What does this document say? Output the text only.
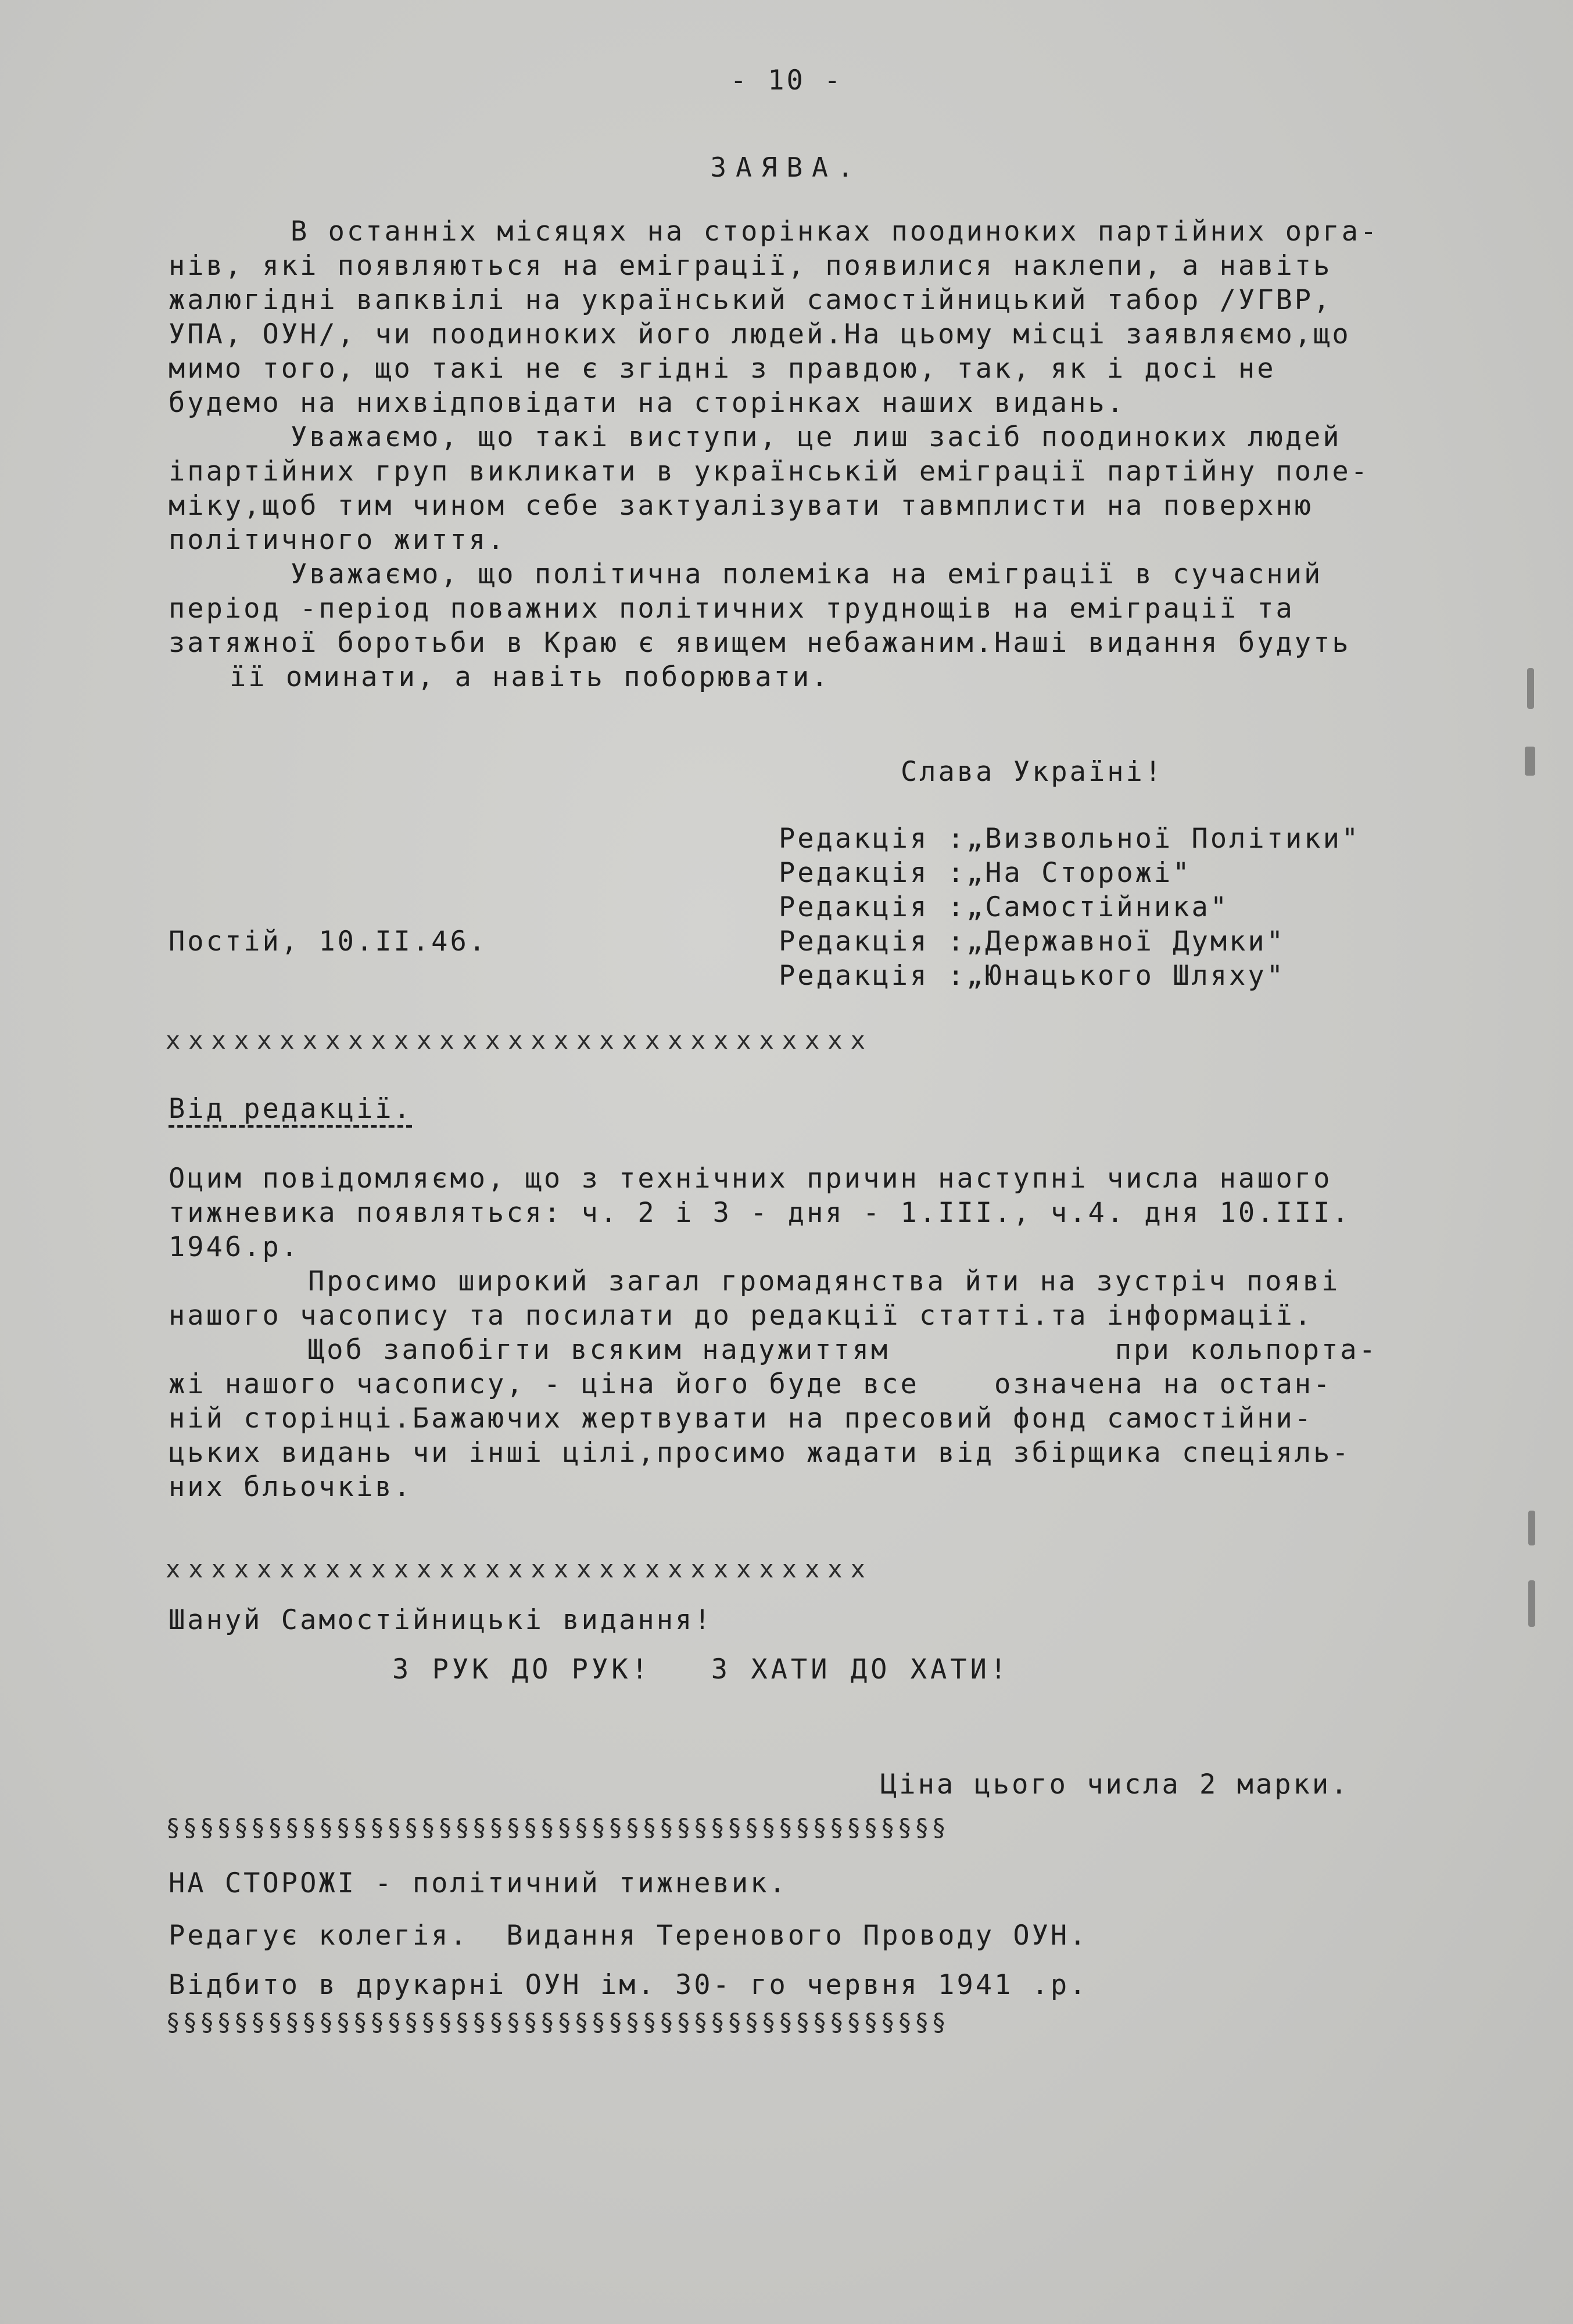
- 10 -
ЗАЯВА.
В останніх місяцях на сторінках поодиноких партійних орга-
нів, які появляються на еміграції, появилися наклепи, а навіть
жалюгідні вапквілі на український самостійницький табор /УГВР,
УПА, ОУН/, чи поодиноких його людей.На цьому місці заявляємо,що
мимо того, що такі не є згідні з правдою, так, як і досі не
будемо на нихвідповідати на сторінках наших видань.
Уважаємо, що такі виступи, це лиш засіб поодиноких людей
іпартійних груп викликати в українській еміграції партійну поле-
міку,щоб тим чином себе зактуалізувати тавмплисти на поверхню
політичного життя.
Уважаємо, що політична полеміка на еміграції в сучасний
період -період поважних політичних труднощів на еміграції та
затяжної боротьби в Краю є явищем небажаним.Наші видання будуть
її оминати, а навіть поборювати.
Слава Україні!
Редакція :„Визвольної Політики"
Редакція :„На Сторожі"
Редакція :„Самостійника"
Редакція :„Державної Думки"
Редакція :„Юнацького Шляху"
Постій, 10.II.46.
xxxxxxxxxxxxxxxxxxxxxxxxxxxxxxx
Від редакції.
Оцим повідомляємо, що з технічних причин наступні числа нашого
тижневика появляться: ч. 2 і 3 - дня - 1.III., ч.4. дня 10.III.
1946.р.
Просимо широкий загал громадянства йти на зустріч появі
нашого часопису та посилати до редакції статті.та інформації.
Щоб запобігти всяким надужиттям            при кольпорта-
жі нашого часопису, - ціна його буде все    означена на остан-
ній сторінці.Бажаючих жертвувати на пресовий фонд самостійни-
цьких видань чи інші цілі,просимо жадати від збірщика спеціяль-
них бльочків.
xxxxxxxxxxxxxxxxxxxxxxxxxxxxxxx
Шануй Самостійницькі видання!
З РУК ДО РУК!   З ХАТИ ДО ХАТИ!
Ціна цього числа 2 марки.
§§§§§§§§§§§§§§§§§§§§§§§§§§§§§§§§§§§§§§§§§§§§§§
НА СТОРОЖІ - політичний тижневик.
Редагує колегія.  Видання Теренового Проводу ОУН.
Відбито в друкарні ОУН ім. 30- го червня 1941 .р.
§§§§§§§§§§§§§§§§§§§§§§§§§§§§§§§§§§§§§§§§§§§§§§
